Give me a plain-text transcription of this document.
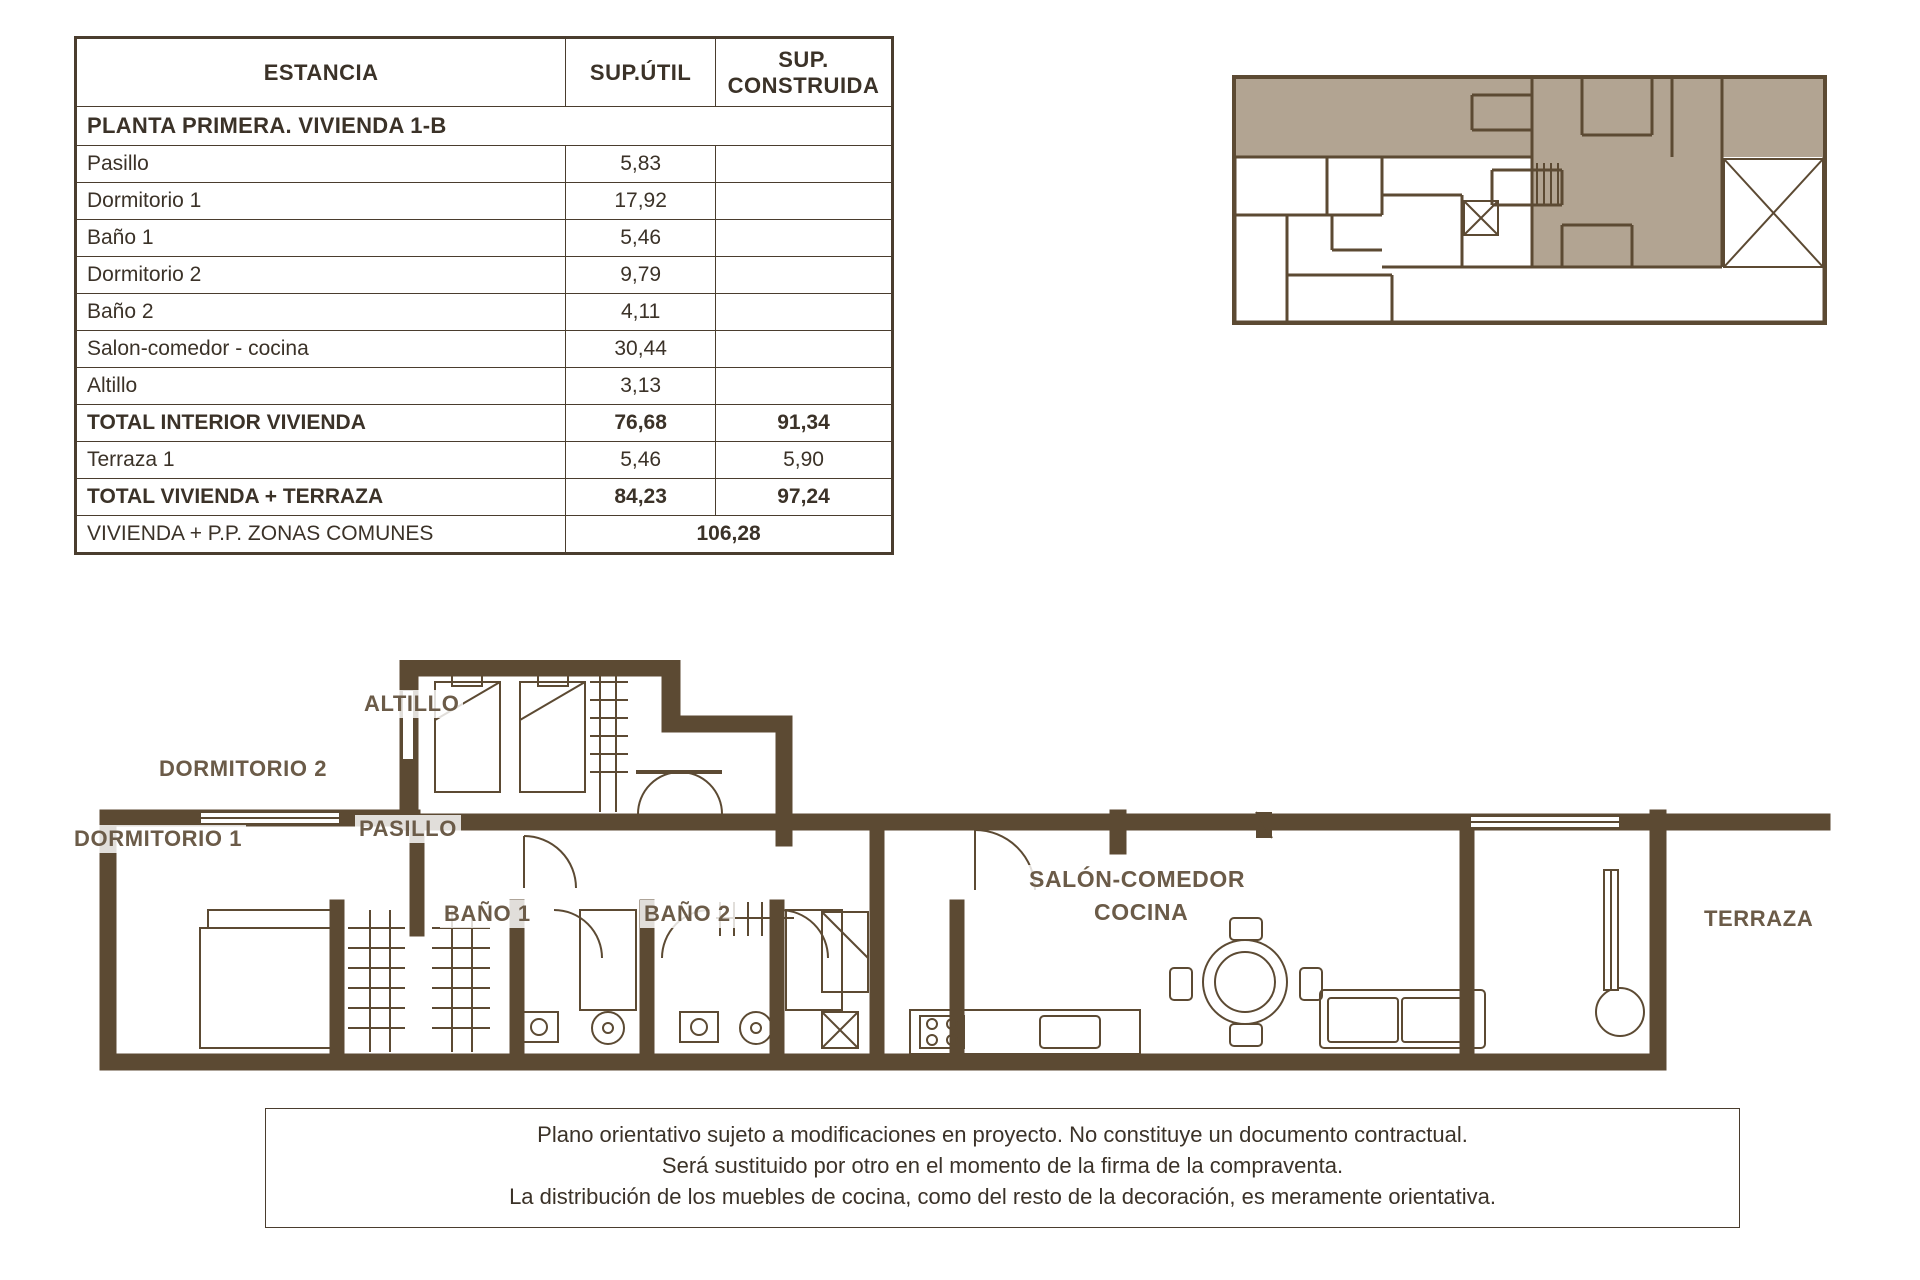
ESTANCIA	SUP.ÚTIL	SUP. CONSTRUIDA
PLANTA PRIMERA. VIVIENDA 1-B		
Pasillo	5,83	
Dormitorio 1	17,92	
Baño 1	5,46	
Dormitorio 2	9,79	
Baño 2	4,11	
Salon-comedor - cocina	30,44	
Altillo	3,13	
TOTAL INTERIOR VIVIENDA	76,68	91,34
Terraza 1	5,46	5,90
TOTAL VIVIENDA + TERRAZA	84,23	97,24
VIVIENDA + P.P. ZONAS COMUNES	106,28	
ALTILLO
DORMITORIO 2
PASILLO
DORMITORIO 1
BAÑO 1	BAÑO 2
SALÓN-COMEDOR
COCINA	TERRAZA
Plano orientativo sujeto a modificaciones en proyecto. No constituye un documento contractual.
Será sustituido por otro en el momento de la firma de la compraventa.
La distribución de los muebles de cocina, como del resto de la decoración, es meramente orientativa.
